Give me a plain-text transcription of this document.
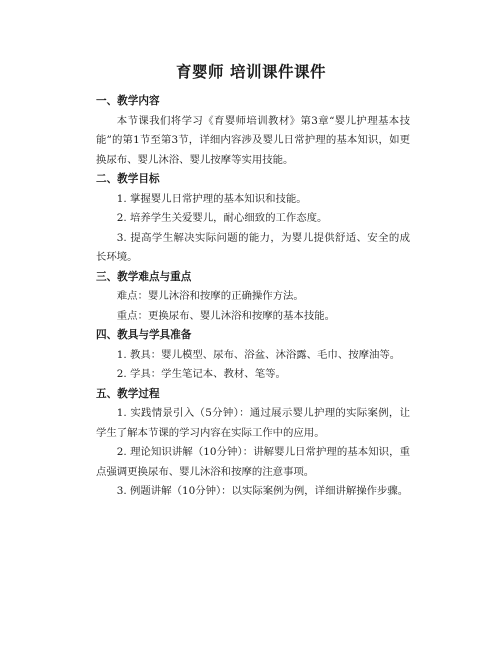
育婴师 培训课件课件

一、教学内容

本节课我们将学习《育婴师培训教材》第3章“婴儿护理基本技能”的第1节至第3节，详细内容涉及婴儿日常护理的基本知识，如更换尿布、婴儿沐浴、婴儿按摩等实用技能。

二、教学目标

1. 掌握婴儿日常护理的基本知识和技能。

2. 培养学生关爱婴儿，耐心细致的工作态度。

3. 提高学生解决实际问题的能力，为婴儿提供舒适、安全的成长环境。

三、教学难点与重点

难点：婴儿沐浴和按摩的正确操作方法。

重点：更换尿布、婴儿沐浴和按摩的基本技能。

四、教具与学具准备

1. 教具：婴儿模型、尿布、浴盆、沐浴露、毛巾、按摩油等。

2. 学具：学生笔记本、教材、笔等。

五、教学过程

1. 实践情景引入（5分钟）：通过展示婴儿护理的实际案例，让学生了解本节课的学习内容在实际工作中的应用。

2. 理论知识讲解（10分钟）：讲解婴儿日常护理的基本知识，重点强调更换尿布、婴儿沐浴和按摩的注意事项。

3. 例题讲解（10分钟）：以实际案例为例，详细讲解操作步骤。
